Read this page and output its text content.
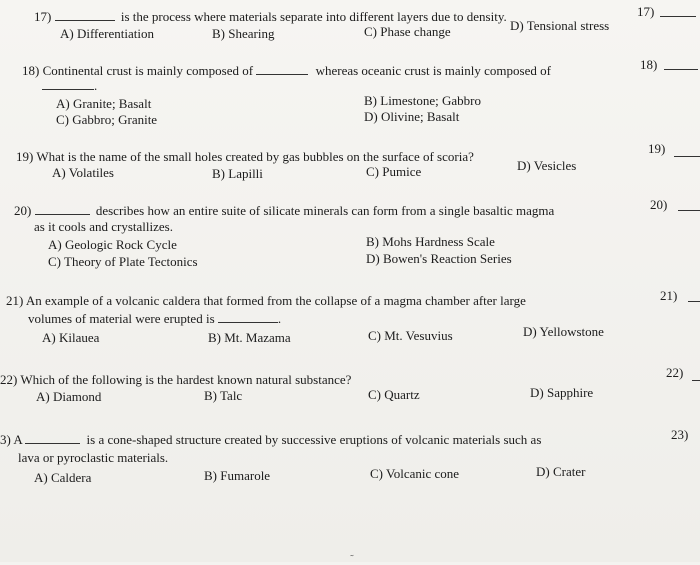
17)	is the process where materials separate into different layers due to density.
A) Differentiation	B) Shearing	C) Phase change	D) Tensional stress
17)
18) Continental crust is mainly composed of	whereas oceanic crust is mainly composed of
.
A) Granite; Basalt	B) Limestone; Gabbro
C) Gabbro; Granite	D) Olivine; Basalt
18)
19) What is the name of the small holes created by gas bubbles on the surface of scoria?
A) Volatiles	B) Lapilli	C) Pumice	D) Vesicles
19)
20)	describes how an entire suite of silicate minerals can form from a single basaltic magma
as it cools and crystallizes.
A) Geologic Rock Cycle	B) Mohs Hardness Scale
C) Theory of Plate Tectonics	D) Bowen's Reaction Series
20)
21) An example of a volcanic caldera that formed from the collapse of a magma chamber after large
volumes of material were erupted is	.
A) Kilauea	B) Mt. Mazama	C) Mt. Vesuvius	D) Yellowstone
21)
22) Which of the following is the hardest known natural substance?
A) Diamond	B) Talc	C) Quartz	D) Sapphire
22)
3) A	is a cone-shaped structure created by successive eruptions of volcanic materials such as
lava or pyroclastic materials.
A) Caldera	B) Fumarole	C) Volcanic cone	D) Crater
23)
˜
